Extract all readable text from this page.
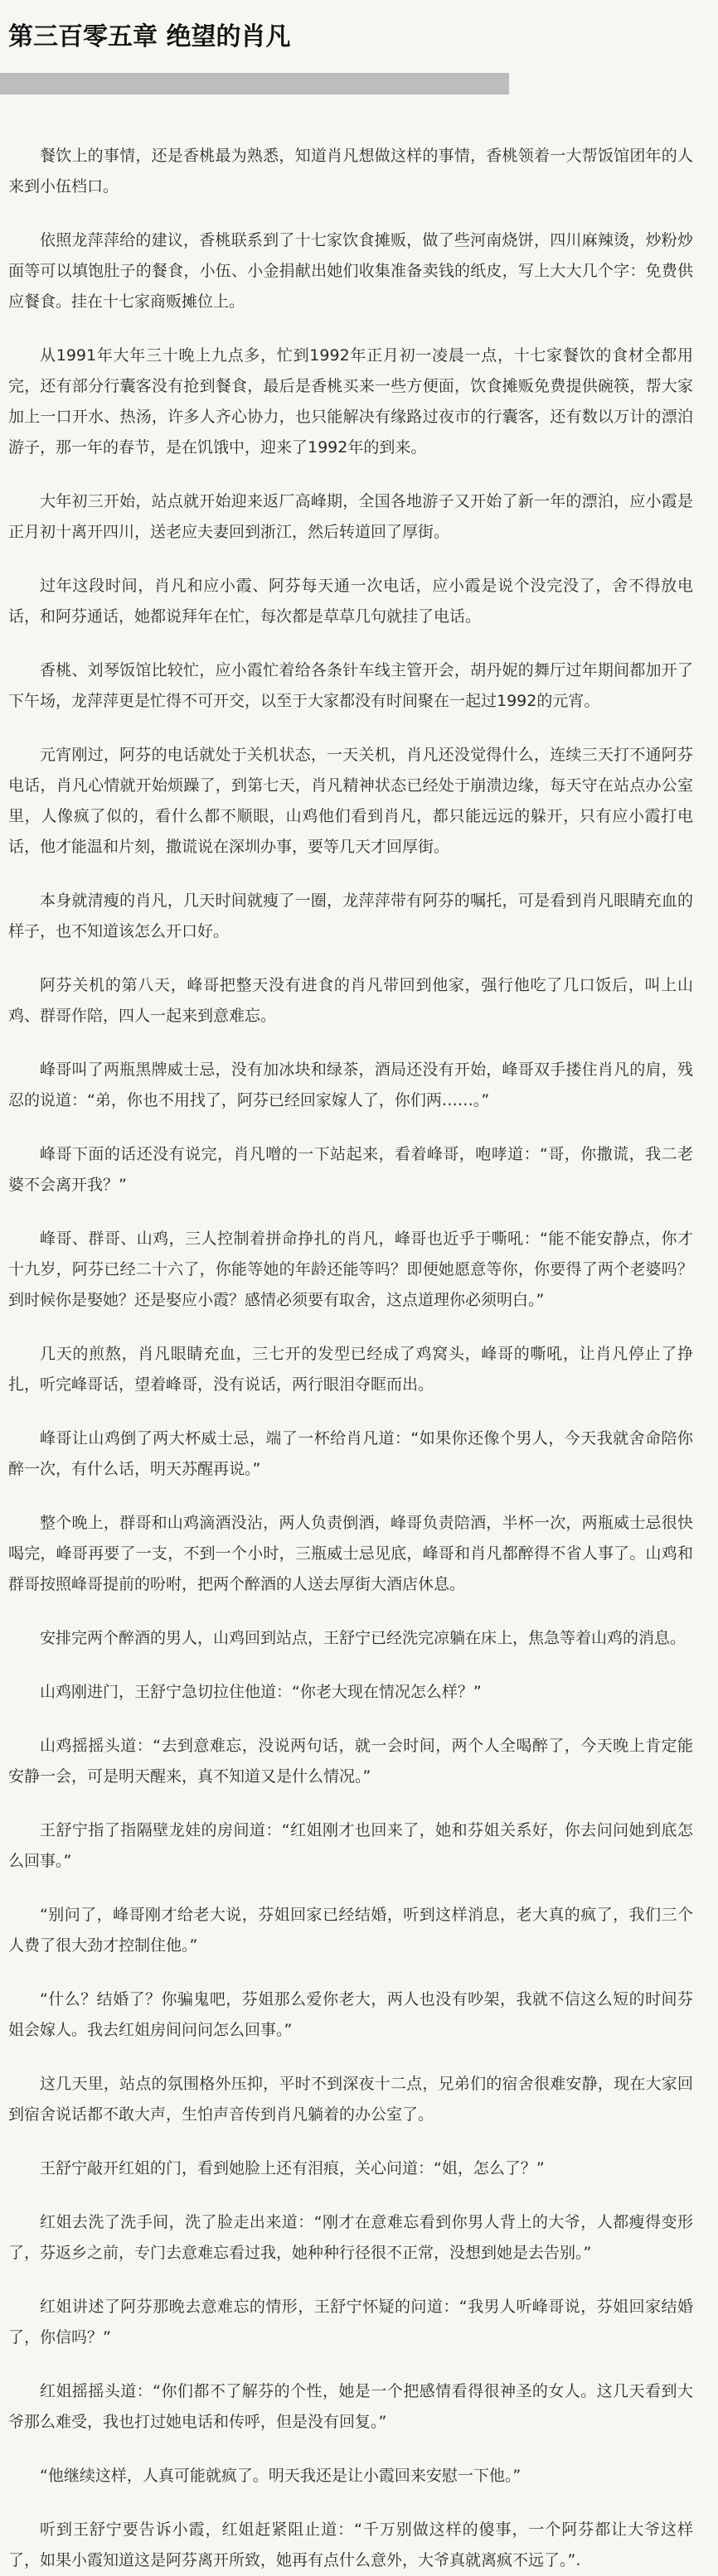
第三百零五章 绝望的肖凡

餐饮上的事情，还是香桃最为熟悉，知道肖凡想做这样的事情，香桃领着一大帮饭馆团年的人来到小伍档口。

依照龙萍萍给的建议，香桃联系到了十七家饮食摊贩，做了些河南烧饼，四川麻辣烫，炒粉炒面等可以填饱肚子的餐食，小伍、小金捐献出她们收集准备卖钱的纸皮，写上大大几个字：免费供应餐食。挂在十七家商贩摊位上。

从1991年大年三十晚上九点多，忙到1992年正月初一凌晨一点，十七家餐饮的食材全都用完，还有部分行囊客没有抢到餐食，最后是香桃买来一些方便面，饮食摊贩免费提供碗筷，帮大家加上一口开水、热汤，许多人齐心协力，也只能解决有缘路过夜市的行囊客，还有数以万计的漂泊游子，那一年的春节，是在饥饿中，迎来了1992年的到来。

大年初三开始，站点就开始迎来返厂高峰期，全国各地游子又开始了新一年的漂泊，应小霞是正月初十离开四川，送老应夫妻回到浙江，然后转道回了厚街。

过年这段时间，肖凡和应小霞、阿芬每天通一次电话，应小霞是说个没完没了，舍不得放电话，和阿芬通话，她都说拜年在忙，每次都是草草几句就挂了电话。

香桃、刘琴饭馆比较忙，应小霞忙着给各条针车线主管开会，胡丹妮的舞厅过年期间都加开了下午场，龙萍萍更是忙得不可开交，以至于大家都没有时间聚在一起过1992的元宵。

元宵刚过，阿芬的电话就处于关机状态，一天关机，肖凡还没觉得什么，连续三天打不通阿芬电话，肖凡心情就开始烦躁了，到第七天，肖凡精神状态已经处于崩溃边缘，每天守在站点办公室里，人像疯了似的，看什么都不顺眼，山鸡他们看到肖凡，都只能远远的躲开，只有应小霞打电话，他才能温和片刻，撒谎说在深圳办事，要等几天才回厚街。

本身就清瘦的肖凡，几天时间就瘦了一圈，龙萍萍带有阿芬的嘱托，可是看到肖凡眼睛充血的样子，也不知道该怎么开口好。

阿芬关机的第八天，峰哥把整天没有进食的肖凡带回到他家，强行他吃了几口饭后，叫上山鸡、群哥作陪，四人一起来到意难忘。

峰哥叫了两瓶黑牌威士忌，没有加冰块和绿茶，酒局还没有开始，峰哥双手搂住肖凡的肩，残忍的说道：“弟，你也不用找了，阿芬已经回家嫁人了，你们两……。”

峰哥下面的话还没有说完，肖凡噌的一下站起来，看着峰哥，咆哮道：“哥，你撒谎，我二老婆不会离开我？”

峰哥、群哥、山鸡，三人控制着拼命挣扎的肖凡，峰哥也近乎于嘶吼：“能不能安静点，你才十九岁，阿芬已经二十六了，你能等她的年龄还能等吗？即便她愿意等你，你要得了两个老婆吗？到时候你是娶她？还是娶应小霞？感情必须要有取舍，这点道理你必须明白。”

几天的煎熬，肖凡眼睛充血，三七开的发型已经成了鸡窝头，峰哥的嘶吼，让肖凡停止了挣扎，听完峰哥话，望着峰哥，没有说话，两行眼泪夺眶而出。

峰哥让山鸡倒了两大杯威士忌，端了一杯给肖凡道：“如果你还像个男人，今天我就舍命陪你醉一次，有什么话，明天苏醒再说。”

整个晚上，群哥和山鸡滴酒没沾，两人负责倒酒，峰哥负责陪酒，半杯一次，两瓶威士忌很快喝完，峰哥再要了一支，不到一个小时，三瓶威士忌见底，峰哥和肖凡都醉得不省人事了。山鸡和群哥按照峰哥提前的吩咐，把两个醉酒的人送去厚街大酒店休息。

安排完两个醉酒的男人，山鸡回到站点，王舒宁已经洗完凉躺在床上，焦急等着山鸡的消息。

山鸡刚进门，王舒宁急切拉住他道：“你老大现在情况怎么样？”

山鸡摇摇头道：“去到意难忘，没说两句话，就一会时间，两个人全喝醉了，今天晚上肯定能安静一会，可是明天醒来，真不知道又是什么情况。”

王舒宁指了指隔壁龙娃的房间道：“红姐刚才也回来了，她和芬姐关系好，你去问问她到底怎么回事。”

“别问了，峰哥刚才给老大说，芬姐回家已经结婚，听到这样消息，老大真的疯了，我们三个人费了很大劲才控制住他。”

“什么？结婚了？你骗鬼吧，芬姐那么爱你老大，两人也没有吵架，我就不信这么短的时间芬姐会嫁人。我去红姐房间问问怎么回事。”

这几天里，站点的氛围格外压抑，平时不到深夜十二点，兄弟们的宿舍很难安静，现在大家回到宿舍说话都不敢大声，生怕声音传到肖凡躺着的办公室了。

王舒宁敲开红姐的门，看到她脸上还有泪痕，关心问道：“姐，怎么了？”

红姐去洗了洗手间，洗了脸走出来道：“刚才在意难忘看到你男人背上的大爷，人都瘦得变形了，芬返乡之前，专门去意难忘看过我，她种种行径很不正常，没想到她是去告别。”

红姐讲述了阿芬那晚去意难忘的情形，王舒宁怀疑的问道：“我男人听峰哥说，芬姐回家结婚了，你信吗？”

红姐摇摇头道：“你们都不了解芬的个性，她是一个把感情看得很神圣的女人。这几天看到大爷那么难受，我也打过她电话和传呼，但是没有回复。”

“他继续这样，人真可能就疯了。明天我还是让小霞回来安慰一下他。”

听到王舒宁要告诉小霞，红姐赶紧阻止道：“千万别做这样的傻事，一个阿芬都让大爷这样了，如果小霞知道这是阿芬离开所致，她再有点什么意外，大爷真就离疯不远了。”.
